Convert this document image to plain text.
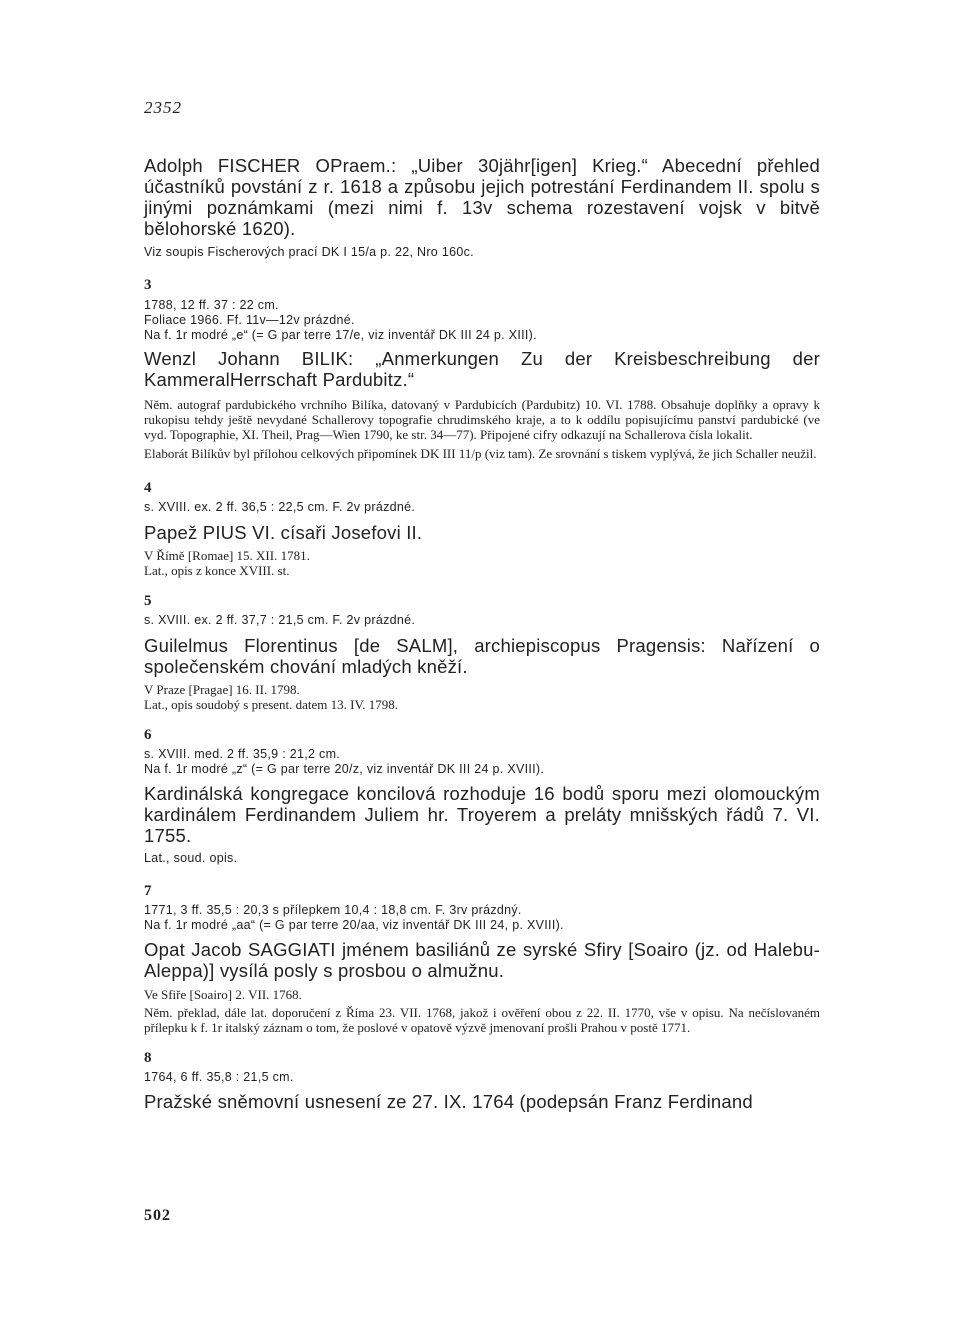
2352

Adolph FISCHER OPraem.: „Uiber 30jähr[igen] Krieg.“ Abecední přehled účastníků povstání z r. 1618 a způsobu jejich potrestání Ferdinandem II. spolu s jinými poznámkami (mezi nimi f. 13v schema rozestavení vojsk v bitvě bělohorské 1620).

Viz soupis Fischerových prací DK I 15/a p. 22, Nro 160c.

3

1788, 12 ff. 37 : 22 cm.

Foliace 1966. Ff. 11v—12v prázdné.

Na f. 1r modré „e“ (= G par terre 17/e, viz inventář DK III 24 p. XIII).

Wenzl Johann BILIK: „Anmerkungen Zu der Kreisbeschreibung der KammeralHerrschaft Pardubitz.“

Něm. autograf pardubického vrchního Bilíka, datovaný v Pardubicích (Pardubitz) 10. VI. 1788. Obsahuje doplňky a opravy k rukopisu tehdy ještě nevydané Schallerovy topografie chrudimského kraje, a to k oddílu popisujícímu panství pardubické (ve vyd. Topographie, XI. Theil, Prag—Wien 1790, ke str. 34—77). Připojené cifry odkazují na Schallerova čísla lokalit.

Elaborát Bilíkův byl přílohou celkových připomínek DK III 11/p (viz tam). Ze srovnání s tiskem vyplývá, že jich Schaller neužil.

4

s. XVIII. ex. 2 ff. 36,5 : 22,5 cm. F. 2v prázdné.

Papež PIUS VI. císaři Josefovi II.

V Římě [Romae] 15. XII. 1781.

Lat., opis z konce XVIII. st.

5

s. XVIII. ex. 2 ff. 37,7 : 21,5 cm. F. 2v prázdné.

Guilelmus Florentinus [de SALM], archiepiscopus Pragensis: Nařízení o společenském chování mladých kněží.

V Praze [Pragae] 16. II. 1798.

Lat., opis soudobý s present. datem 13. IV. 1798.

6

s. XVIII. med. 2 ff. 35,9 : 21,2 cm.

Na f. 1r modré „z“ (= G par terre 20/z, viz inventář DK III 24 p. XVIII).

Kardinálská kongregace koncilová rozhoduje 16 bodů sporu mezi olomouckým kardinálem Ferdinandem Juliem hr. Troyerem a preláty mnišských řádů 7. VI. 1755.

Lat., soud. opis.

7

1771, 3 ff. 35,5 : 20,3 s přílepkem 10,4 : 18,8 cm. F. 3rv prázdný.

Na f. 1r modré „aa“ (= G par terre 20/aa, viz inventář DK III 24, p. XVIII).

Opat Jacob SAGGIATI jménem basiliánů ze syrské Sfiry [Soairo (jz. od Halebu-Aleppa)] vysílá posly s prosbou o almužnu.

Ve Sfiře [Soairo] 2. VII. 1768.

Něm. překlad, dále lat. doporučení z Říma 23. VII. 1768, jakož i ověření obou z 22. II. 1770, vše v opisu. Na nečíslovaném přílepku k f. 1r italský záznam o tom, že poslové v opatově výzvě jmenovaní prošli Prahou v postě 1771.

8

1764, 6 ff. 35,8 : 21,5 cm.

Pražské sněmovní usnesení ze 27. IX. 1764 (podepsán Franz Ferdinand

502
